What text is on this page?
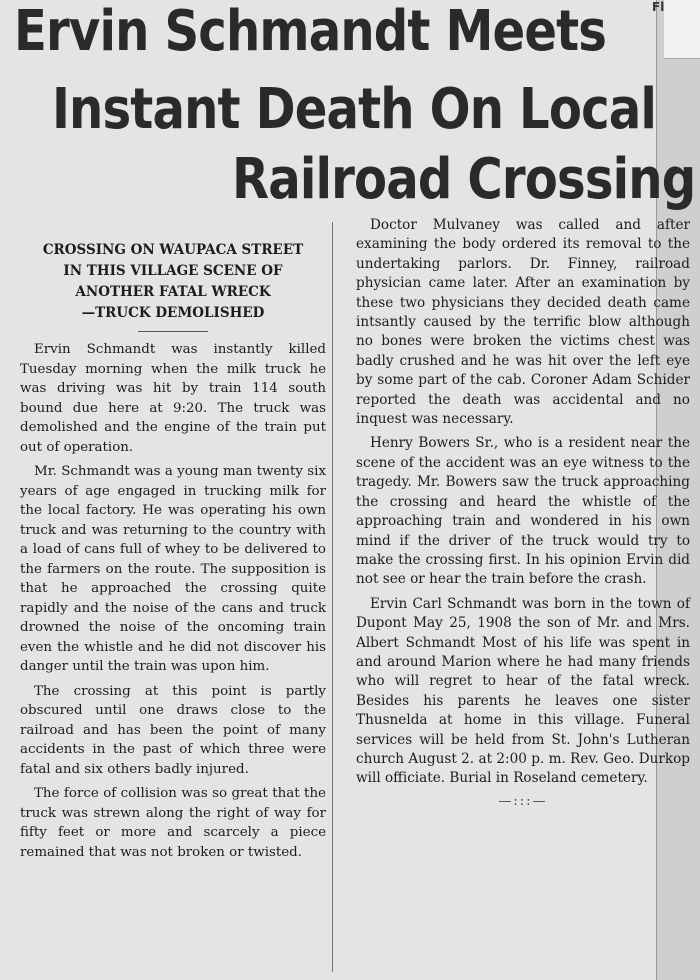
Fl
Ervin Schmandt Meets
Instant Death On Local
Railroad Crossing

CROSSING ON WAUPACA STREET

IN THIS VILLAGE SCENE OF

ANOTHER FATAL WRECK

—TRUCK DEMOLISHED

Ervin Schmandt was instantly killed Tuesday morning when the milk truck he was driving was hit by train 114 south bound due here at 9:20. The truck was demolished and the engine of the train put out of operation.

Mr. Schmandt was a young man twenty six years of age engaged in trucking milk for the local factory. He was operating his own truck and was returning to the country with a load of cans full of whey to be delivered to the farmers on the route. The supposition is that he approached the crossing quite rapidly and the noise of the cans and truck drowned the noise of the oncoming train even the whistle and he did not discover his danger until the train was upon him.

The crossing at this point is partly obscured until one draws close to the railroad and has been the point of many accidents in the past of which three were fatal and six others badly injured.

The force of collision was so great that the truck was strewn along the right of way for fifty feet or more and scarcely a piece remained that was not broken or twisted.

Doctor Mulvaney was called and after examining the body ordered its removal to the undertaking parlors. Dr. Finney, railroad physician came later. After an examination by these two physicians they decided death came intsantly caused by the terrific blow although no bones were broken the victims chest was badly crushed and he was hit over the left eye by some part of the cab. Coroner Adam Schider reported the death was accidental and no inquest was necessary.

Henry Bowers Sr., who is a resident near the scene of the accident was an eye witness to the tragedy. Mr. Bowers saw the truck approaching the crossing and heard the whistle of the approaching train and wondered in his own mind if the driver of the truck would try to make the crossing first. In his opinion Ervin did not see or hear the train before the crash.

Ervin Carl Schmandt was born in the town of Dupont May 25, 1908 the son of Mr. and Mrs. Albert Schmandt Most of his life was spent in and around Marion where he had many friends who will regret to hear of the fatal wreck. Besides his parents he leaves one sister Thusnelda at home in this village. Funeral services will be held from St. John's Lutheran church August 2. at 2:00 p. m. Rev. Geo. Durkop will officiate. Burial in Roseland cemetery.

—:::—
